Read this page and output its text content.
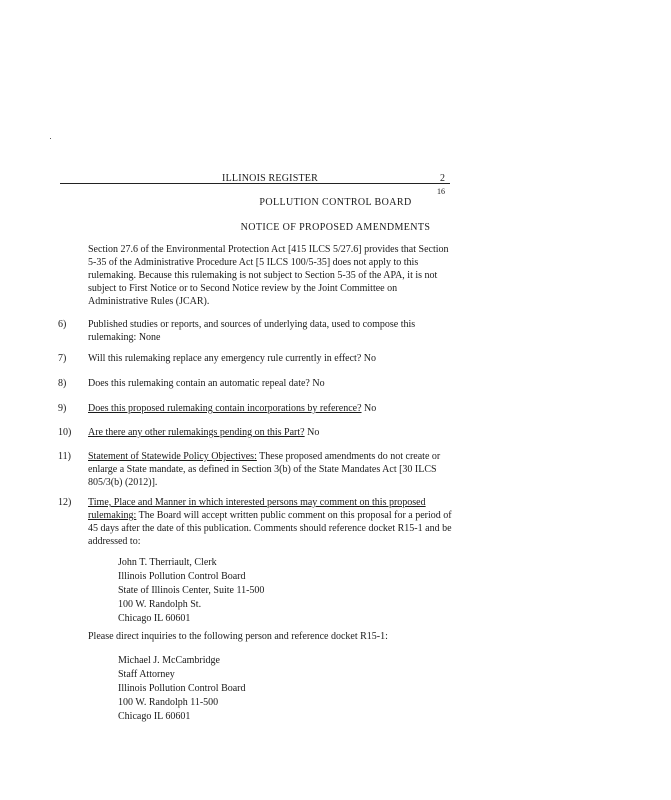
ILLINOIS REGISTER	2
16
POLLUTION CONTROL BOARD
NOTICE OF PROPOSED AMENDMENTS
Section 27.6 of the Environmental Protection Act [415 ILCS 5/27.6] provides that Section 5-35 of the Administrative Procedure Act [5 ILCS 100/5-35] does not apply to this rulemaking. Because this rulemaking is not subject to Section 5-35 of the APA, it is not subject to First Notice or to Second Notice review by the Joint Committee on Administrative Rules (JCAR).
6) Published studies or reports, and sources of underlying data, used to compose this rulemaking: None
7) Will this rulemaking replace any emergency rule currently in effect? No
8) Does this rulemaking contain an automatic repeal date? No
9) Does this proposed rulemaking contain incorporations by reference? No
10) Are there any other rulemakings pending on this Part? No
11) Statement of Statewide Policy Objectives: These proposed amendments do not create or enlarge a State mandate, as defined in Section 3(b) of the State Mandates Act [30 ILCS 805/3(b) (2012)].
12) Time, Place and Manner in which interested persons may comment on this proposed rulemaking: The Board will accept written public comment on this proposal for a period of 45 days after the date of this publication. Comments should reference docket R15-1 and be addressed to:
John T. Therriault, Clerk
Illinois Pollution Control Board
State of Illinois Center, Suite 11-500
100 W. Randolph St.
Chicago IL 60601
Please direct inquiries to the following person and reference docket R15-1:
Michael J. McCambridge
Staff Attorney
Illinois Pollution Control Board
100 W. Randolph 11-500
Chicago IL 60601
